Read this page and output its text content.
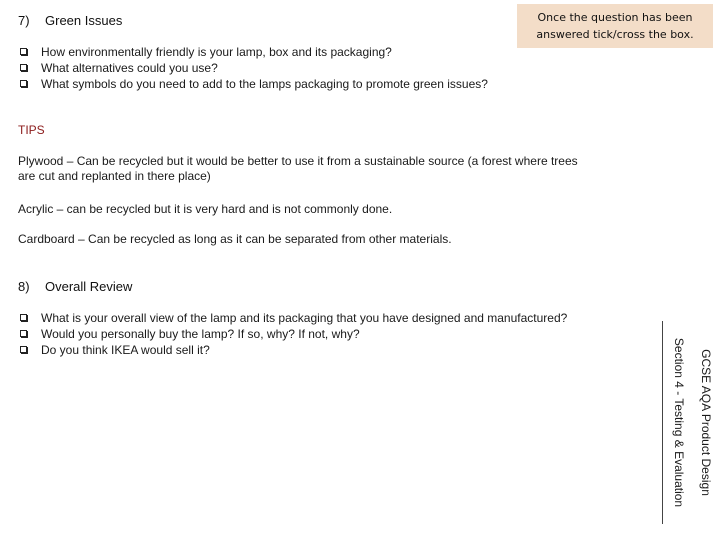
7) Green Issues	Once the question has been
answered tick/cross the box.
How environmentally friendly is your lamp, box and its packaging?
What alternatives could you use?
What symbols do you need to add to the lamps packaging to promote green issues?
TIPS
Plywood – Can be recycled but it would be better to use it from a sustainable source (a forest where trees
are cut and replanted in there place)
Acrylic – can be recycled but it is very hard and is not commonly done.
Cardboard – Can be recycled as long as it can be separated from other materials.
8) Overall Review
What is your overall view of the lamp and its packaging that you have designed and manufactured?
Would you personally buy the lamp? If so, why? If not, why?
Do you think IKEA would sell it?	GCSE AQA Product Design
Section 4 - Testing & Evaluation
